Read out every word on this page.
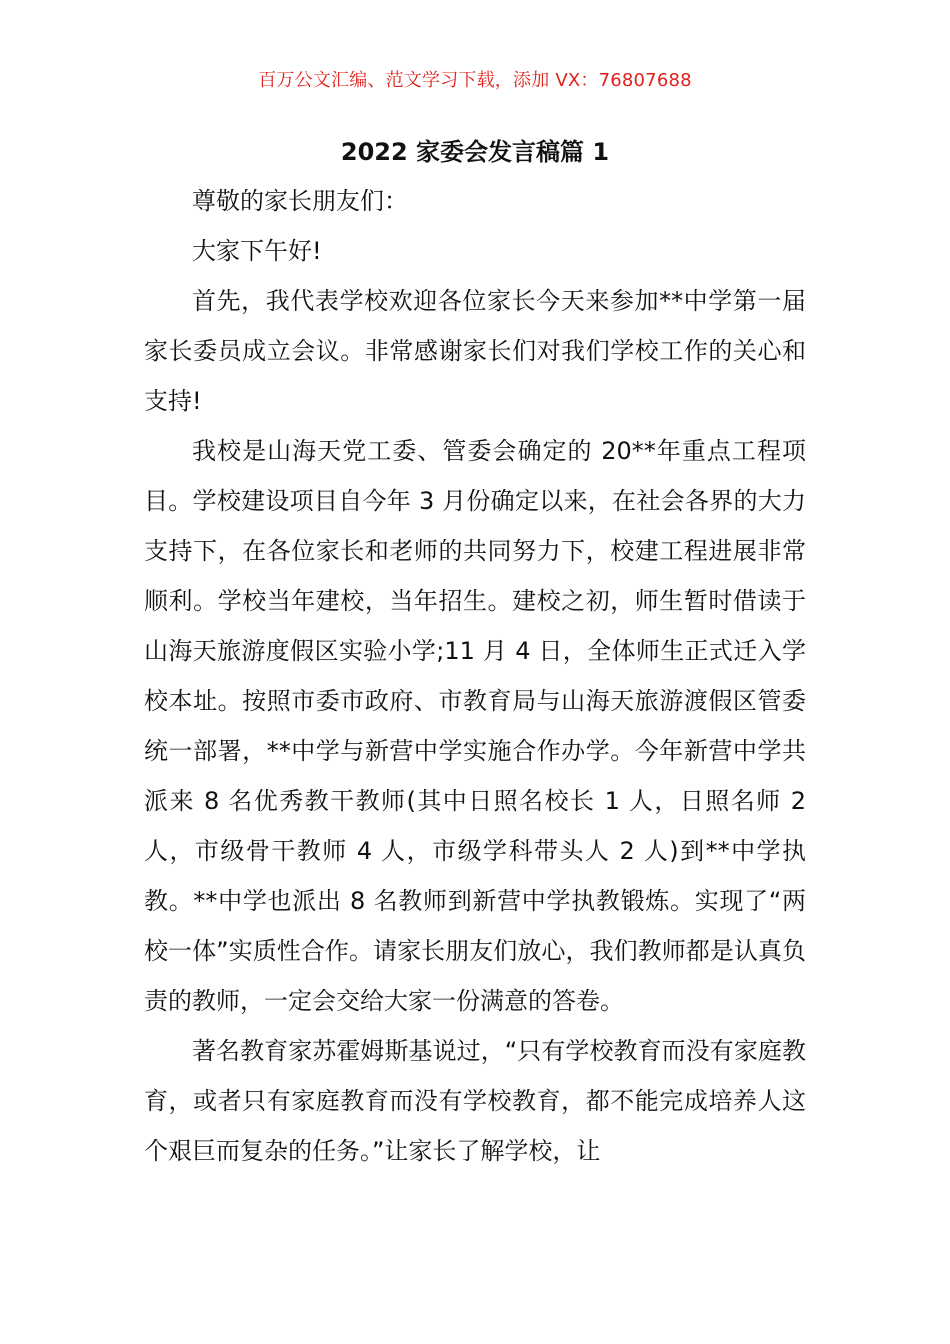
百万公文汇编、范文学习下载，添加 VX：76807688
2022 家委会发言稿篇 1

尊敬的家长朋友们：

大家下午好!

首先，我代表学校欢迎各位家长今天来参加**中学第一届家长委员成立会议。非常感谢家长们对我们学校工作的关心和支持!

我校是山海天党工委、管委会确定的 20**年重点工程项目。学校建设项目自今年 3 月份确定以来，在社会各界的大力支持下，在各位家长和老师的共同努力下，校建工程进展非常顺利。学校当年建校，当年招生。建校之初，师生暂时借读于山海天旅游度假区实验小学;11 月 4 日，全体师生正式迁入学校本址。按照市委市政府、市教育局与山海天旅游渡假区管委统一部署，**中学与新营中学实施合作办学。今年新营中学共派来 8 名优秀教干教师(其中日照名校长 1 人，日照名师 2 人，市级骨干教师 4 人，市级学科带头人 2 人)到**中学执教。**中学也派出 8 名教师到新营中学执教锻炼。实现了“两校一体”实质性合作。请家长朋友们放心，我们教师都是认真负责的教师，一定会交给大家一份满意的答卷。

著名教育家苏霍姆斯基说过，“只有学校教育而没有家庭教育，或者只有家庭教育而没有学校教育，都不能完成培养人这个艰巨而复杂的任务。”让家长了解学校，让
